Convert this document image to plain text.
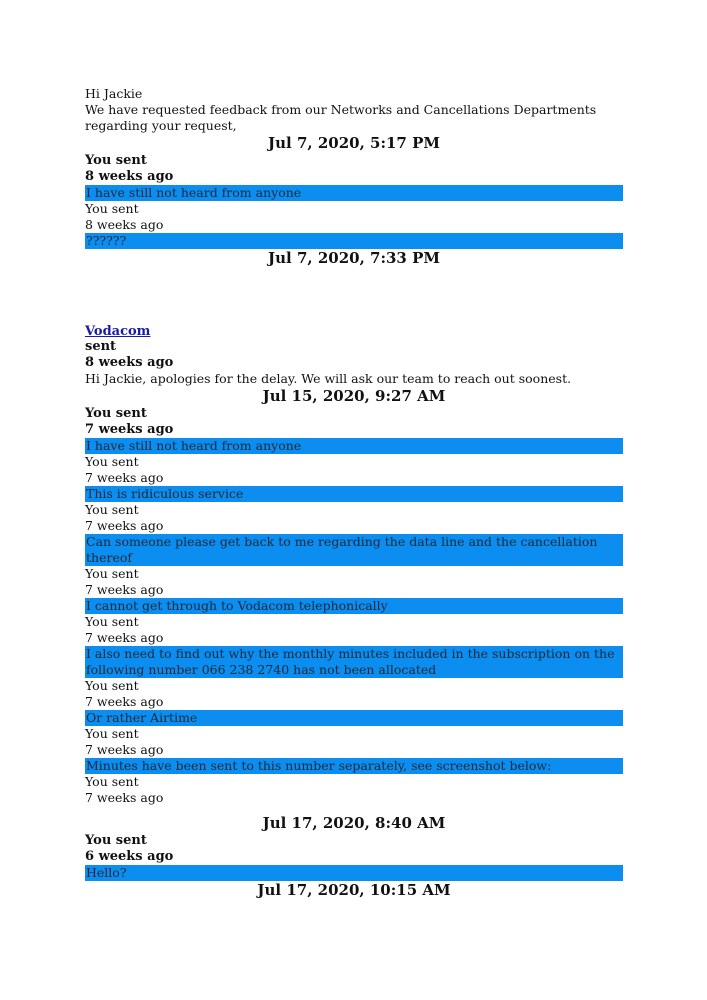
Hi Jackie
We have requested feedback from our Networks and Cancellations Departments regarding your request,
Jul 7, 2020, 5:17 PM
You sent
8 weeks ago
I have still not heard from anyone
You sent
8 weeks ago
??????
Jul 7, 2020, 7:33 PM
Vodacom
sent
8 weeks ago
Hi Jackie, apologies for the delay. We will ask our team to reach out soonest.
Jul 15, 2020, 9:27 AM
You sent
7 weeks ago
I have still not heard from anyone
You sent
7 weeks ago
This is ridiculous service
You sent
7 weeks ago
Can someone please get back to me regarding the data line and the cancellation thereof
You sent
7 weeks ago
I cannot get through to Vodacom telephonically
You sent
7 weeks ago
I also need to find out why the monthly minutes included in the subscription on the following number 066 238 2740 has not been allocated
You sent
7 weeks ago
Or rather Airtime
You sent
7 weeks ago
Minutes have been sent to this number separately, see screenshot below:
You sent
7 weeks ago
Jul 17, 2020, 8:40 AM
You sent
6 weeks ago
Hello?
Jul 17, 2020, 10:15 AM
